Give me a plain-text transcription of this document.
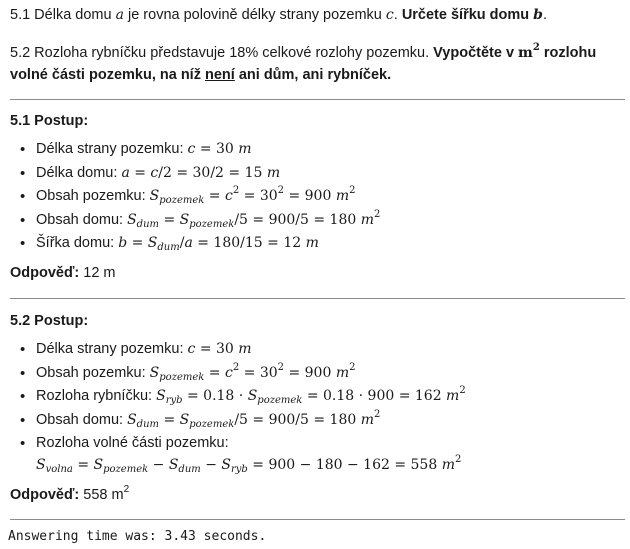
5.1 Délka domu a je rovna polovině délky strany pozemku c. Určete šířku domu b.

5.2 Rozloha rybníčku představuje 18% celkové rozlohy pozemku. Vypočtěte v $m^2$ rozlohu volné části pozemku, na níž není ani dům, ani rybníček.

5.1 Postup:

• Délka strany pozemku: c = 30 m
• Délka domu: a = c/2 = 30/2 = 15 m
• Obsah pozemku: $S_{pozemek} = c^2 = 30^2 = 900$ $m^2$
• Obsah domu: $S_{dum} = S_{pozemek}/5 = 900/5 = 180$ $m^2$
• Šířka domu: $b = S_{dum}/a = 180/15 = 12$ m

Odpověď: 12 m

5.2 Postup:

• Délka strany pozemku: c = 30 m
• Obsah pozemku: $S_{pozemek} = c^2 = 30^2 = 900$ $m^2$
• Rozloha rybníčku: $S_{ryb} = 0.18 \cdot S_{pozemek} = 0.18 \cdot 900 = 162$ $m^2$
• Obsah domu: $S_{dum} = S_{pozemek}/5 = 900/5 = 180$ $m^2$
• Rozloha volné části pozemku:
$S_{volna} = S_{pozemek} - S_{dum} - S_{ryb} = 900 - 180 - 162 = 558$ $m^2$

Odpověď: 558 $m^2$

Answering time was: 3.43 seconds.
